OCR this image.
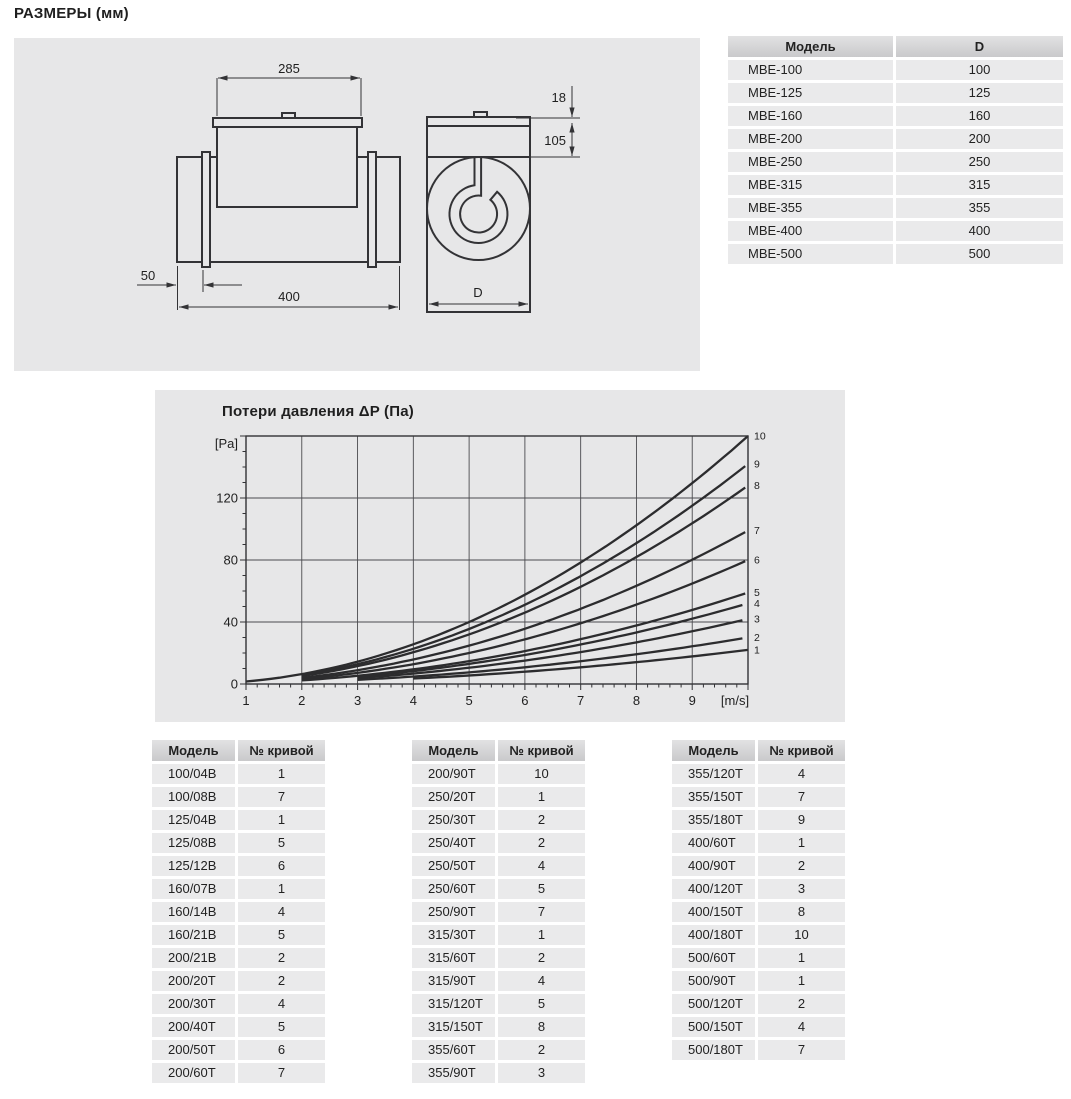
РАЗМЕРЫ (мм)
285
18
105
50
400	D
Модель	D
MBE-100	100
MBE-125	125
MBE-160	160
MBE-200	200
MBE-250	250
MBE-315	315
MBE-355	355
MBE-400	400
MBE-500	500
Потери давления ΔP (Па)
1	2	3	4	5	6	7	8	9
0
40
80
120
[Pa]
[m/s]
1
2
3
4
5
6
7
8
9
10
Модель	№ кривой
100/04B	1
100/08B	7
125/04B	1
125/08B	5
125/12B	6
160/07B	1
160/14B	4
160/21B	5
200/21B	2
200/20T	2
200/30T	4
200/40T	5
200/50T	6
200/60T	7
Модель	№ кривой
200/90T	10
250/20T	1
250/30T	2
250/40T	2
250/50T	4
250/60T	5
250/90T	7
315/30T	1
315/60T	2
315/90T	4
315/120T	5
315/150T	8
355/60T	2
355/90T	3
Модель	№ кривой
355/120T	4
355/150T	7
355/180T	9
400/60T	1
400/90T	2
400/120T	3
400/150T	8
400/180T	10
500/60T	1
500/90T	1
500/120T	2
500/150T	4
500/180T	7
